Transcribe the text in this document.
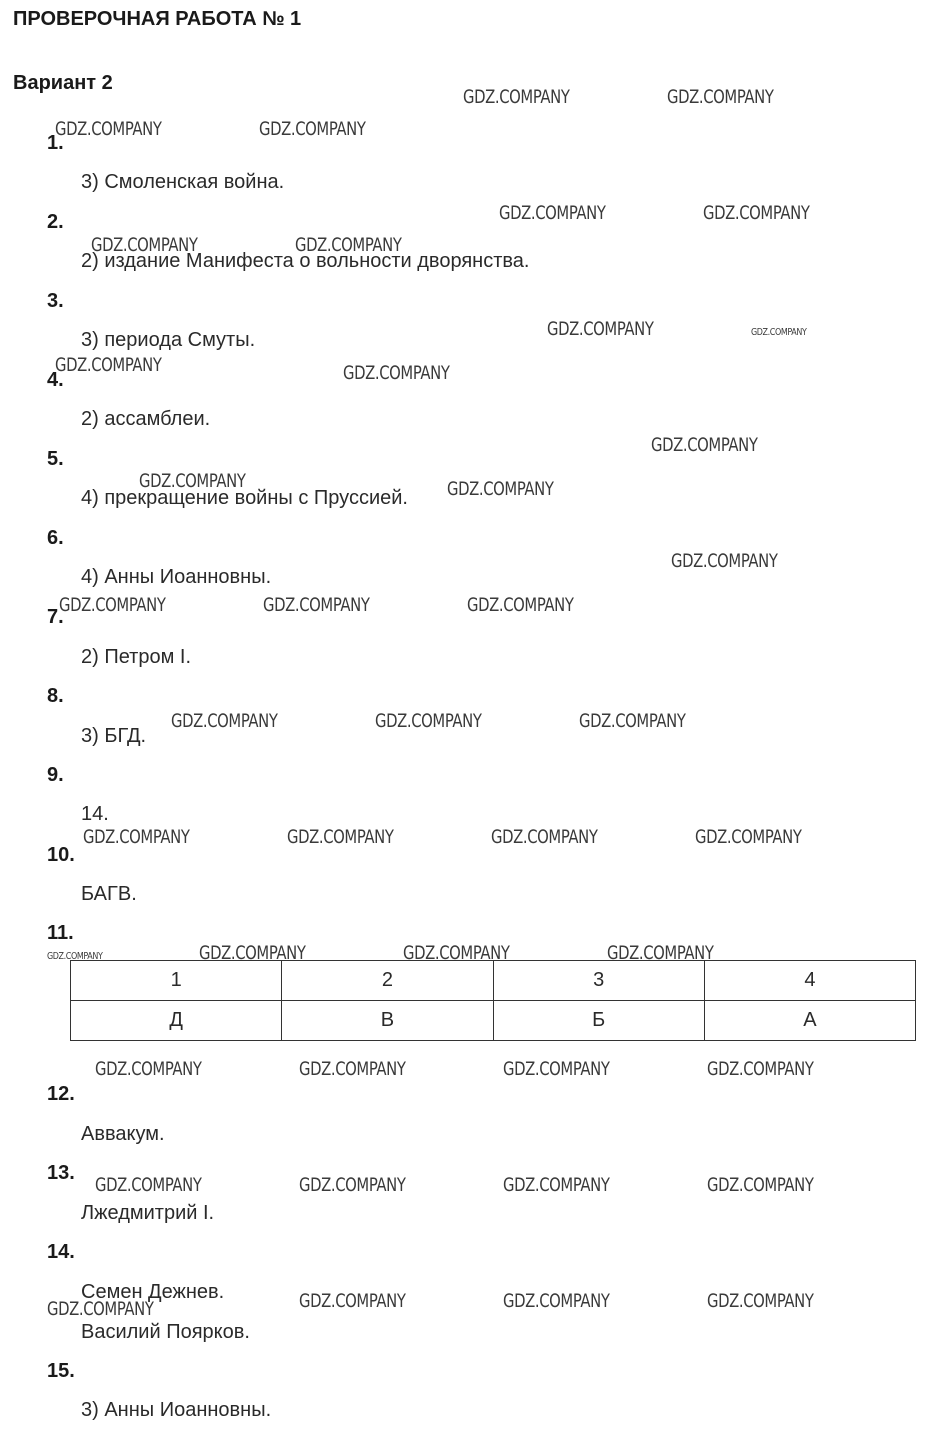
ПРОВЕРОЧНАЯ РАБОТА № 1
Вариант 2
1.
2.
3.
4.
5.
6.
7.
8.
9.
10.
11.
12.
13.
14.
15.
3) Смоленская война.
2) издание Манифеста о вольности дворянства.
3) периода Смуты.
2) ассамблеи.
4) прекращение войны с Пруссией.
4) Анны Иоанновны.
2) Петром I.
3) БГД.
14.
БАГВ.
Аввакум.
Лжедмитрий I.
Семен Дежнев.
Василий Поярков.
3) Анны Иоанновны.
1	2	3	4
Д	В	Б	А
GDZ.COMPANY	GDZ.COMPANY
GDZ.COMPANY	GDZ.COMPANY
GDZ.COMPANY	GDZ.COMPANY
GDZ.COMPANY	GDZ.COMPANY
GDZ.COMPANY	GDZ.COMPANY
GDZ.COMPANY	GDZ.COMPANY
GDZ.COMPANY
GDZ.COMPANY	GDZ.COMPANY
GDZ.COMPANY
GDZ.COMPANY	GDZ.COMPANY	GDZ.COMPANY
GDZ.COMPANY	GDZ.COMPANY	GDZ.COMPANY
GDZ.COMPANY	GDZ.COMPANY	GDZ.COMPANY	GDZ.COMPANY
GDZ.COMPANY	GDZ.COMPANY	GDZ.COMPANY	GDZ.COMPANY
GDZ.COMPANY	GDZ.COMPANY	GDZ.COMPANY	GDZ.COMPANY
GDZ.COMPANY	GDZ.COMPANY	GDZ.COMPANY	GDZ.COMPANY
GDZ.COMPANY	GDZ.COMPANY	GDZ.COMPANY	GDZ.COMPANY
